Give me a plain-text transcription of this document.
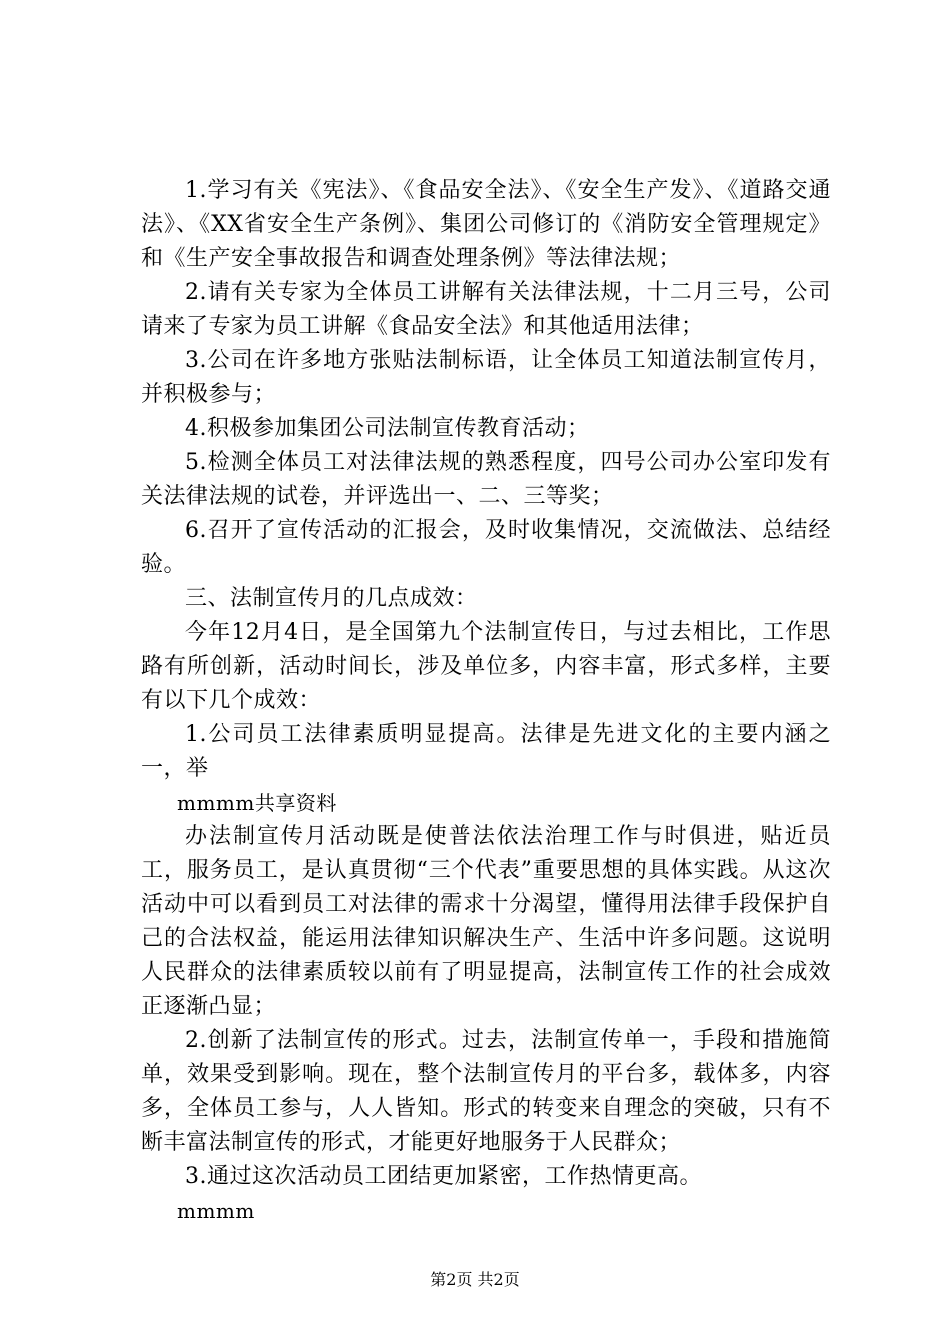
1.学习有关《宪法》、《食品安全法》、《安全生产发》、《道路交通法》、《XX省安全生产条例》、集团公司修订的《消防安全管理规定》和《生产安全事故报告和调查处理条例》等法律法规；

2.请有关专家为全体员工讲解有关法律法规，十二月三号，公司请来了专家为员工讲解《食品安全法》和其他适用法律；

3.公司在许多地方张贴法制标语，让全体员工知道法制宣传月，并积极参与；

4.积极参加集团公司法制宣传教育活动；

5.检测全体员工对法律法规的熟悉程度，四号公司办公室印发有关法律法规的试卷，并评选出一、二、三等奖；

6.召开了宣传活动的汇报会，及时收集情况，交流做法、总结经验。

三、法制宣传月的几点成效：

今年12月4日，是全国第九个法制宣传日，与过去相比，工作思路有所创新，活动时间长，涉及单位多，内容丰富，形式多样，主要有以下几个成效：

1.公司员工法律素质明显提高。法律是先进文化的主要内涵之一，举

mmmm共享资料

办法制宣传月活动既是使普法依法治理工作与时俱进，贴近员工，服务员工，是认真贯彻“三个代表”重要思想的具体实践。从这次活动中可以看到员工对法律的需求十分渴望，懂得用法律手段保护自己的合法权益，能运用法律知识解决生产、生活中许多问题。这说明人民群众的法律素质较以前有了明显提高，法制宣传工作的社会成效正逐渐凸显；

2.创新了法制宣传的形式。过去，法制宣传单一，手段和措施简单，效果受到影响。现在，整个法制宣传月的平台多，载体多，内容多，全体员工参与，人人皆知。形式的转变来自理念的突破，只有不断丰富法制宣传的形式，才能更好地服务于人民群众；

3.通过这次活动员工团结更加紧密，工作热情更高。

mmmm

第2页 共2页
